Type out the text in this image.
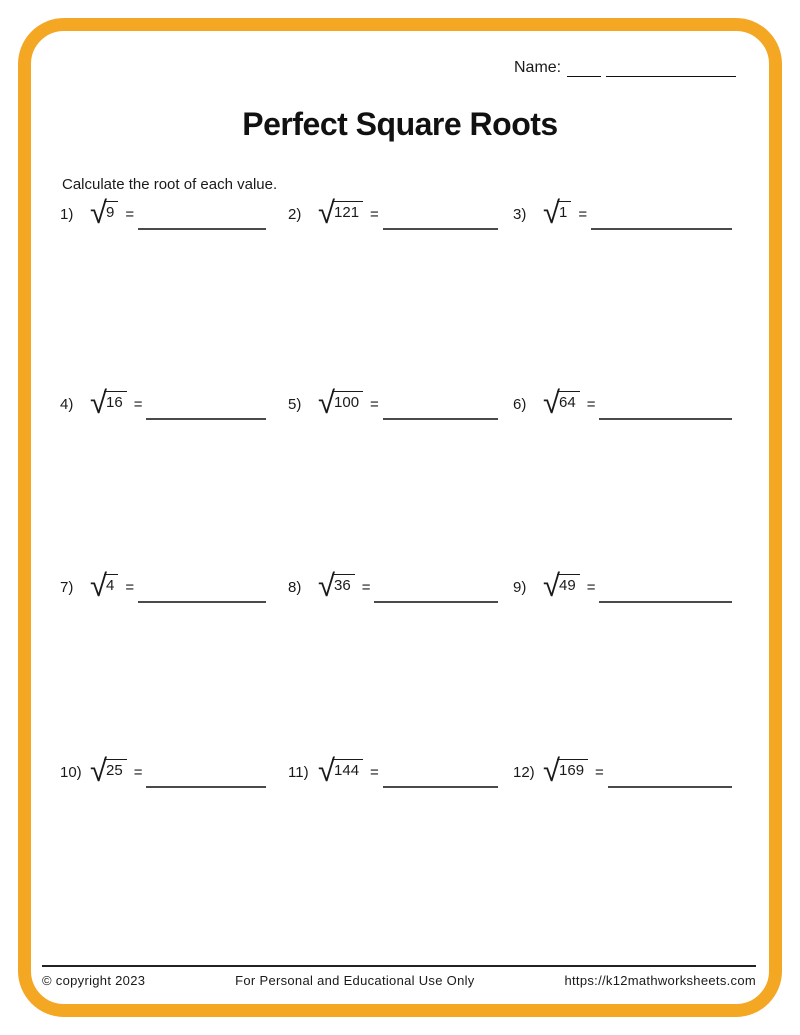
Name:
Perfect Square Roots
Calculate the root of each value.
1) √ 9 =	2) √ 121 =	3) √ 1 =
4) √ 16 =	5) √ 100 =	6) √ 64 =
7) √ 4 =	8) √ 36 =	9) √ 49 =
10) √ 25 =	11) √ 144 =	12) √ 169 =
© copyright 2023	For Personal and Educational Use Only	https://k12mathworksheets.com
